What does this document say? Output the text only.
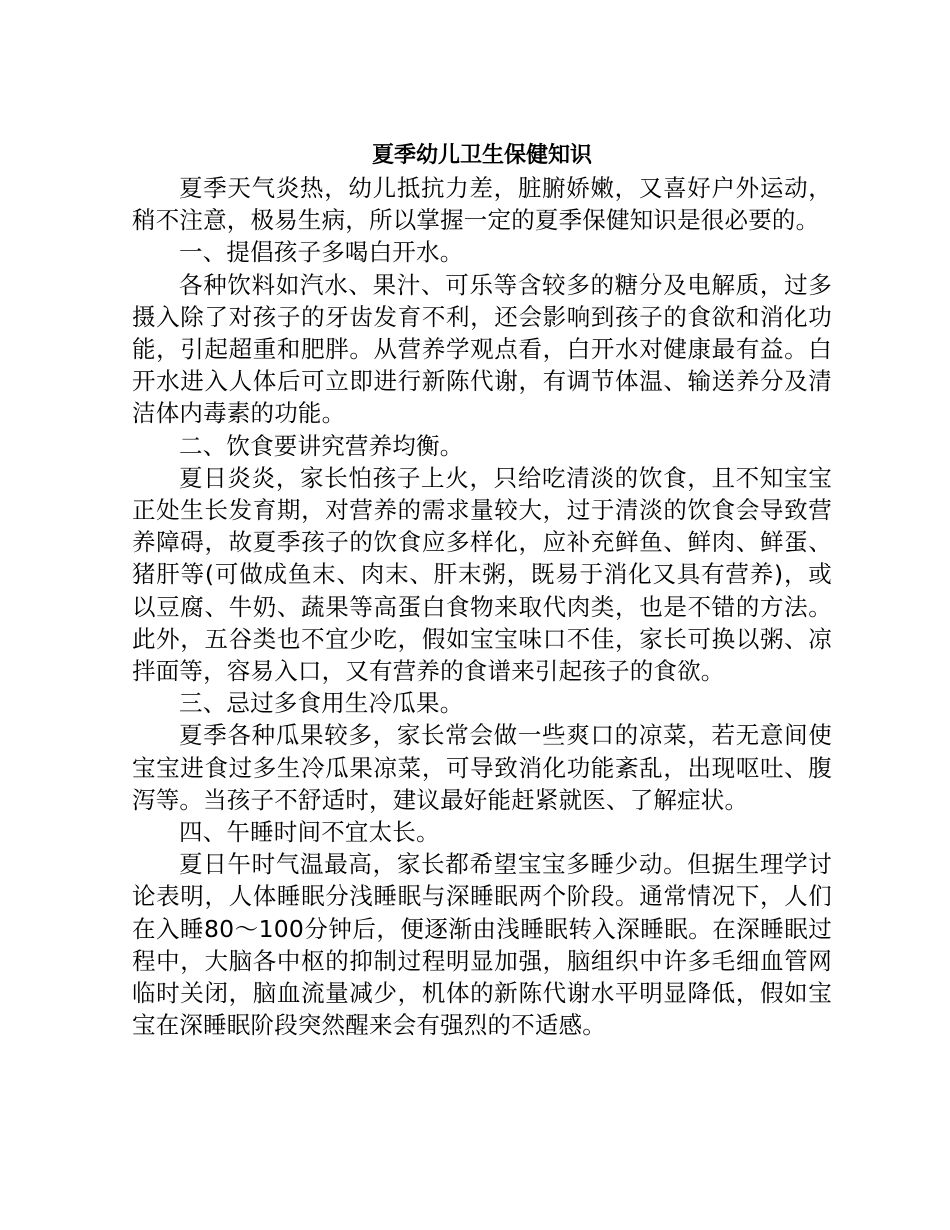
夏季幼儿卫生保健知识

夏季天气炎热，幼儿抵抗力差，脏腑娇嫩，又喜好户外运动，稍不注意，极易生病，所以掌握一定的夏季保健知识是很必要的。

一、提倡孩子多喝白开水。

各种饮料如汽水、果汁、可乐等含较多的糖分及电解质，过多摄入除了对孩子的牙齿发育不利，还会影响到孩子的食欲和消化功能，引起超重和肥胖。从营养学观点看，白开水对健康最有益。白开水进入人体后可立即进行新陈代谢，有调节体温、输送养分及清洁体内毒素的功能。

二、饮食要讲究营养均衡。

夏日炎炎，家长怕孩子上火，只给吃清淡的饮食，且不知宝宝正处生长发育期，对营养的需求量较大，过于清淡的饮食会导致营养障碍，故夏季孩子的饮食应多样化，应补充鲜鱼、鲜肉、鲜蛋、猪肝等(可做成鱼末、肉末、肝末粥，既易于消化又具有营养)，或以豆腐、牛奶、蔬果等高蛋白食物来取代肉类，也是不错的方法。此外，五谷类也不宜少吃，假如宝宝味口不佳，家长可换以粥、凉拌面等，容易入口，又有营养的食谱来引起孩子的食欲。

三、忌过多食用生冷瓜果。

夏季各种瓜果较多，家长常会做一些爽口的凉菜，若无意间使宝宝进食过多生冷瓜果凉菜，可导致消化功能紊乱，出现呕吐、腹泻等。当孩子不舒适时，建议最好能赶紧就医、了解症状。

四、午睡时间不宜太长。

夏日午时气温最高，家长都希望宝宝多睡少动。但据生理学讨论表明，人体睡眠分浅睡眠与深睡眠两个阶段。通常情况下，人们在入睡80～100分钟后，便逐渐由浅睡眠转入深睡眠。在深睡眠过程中，大脑各中枢的抑制过程明显加强，脑组织中许多毛细血管网临时关闭，脑血流量减少，机体的新陈代谢水平明显降低，假如宝宝在深睡眠阶段突然醒来会有强烈的不适感。
